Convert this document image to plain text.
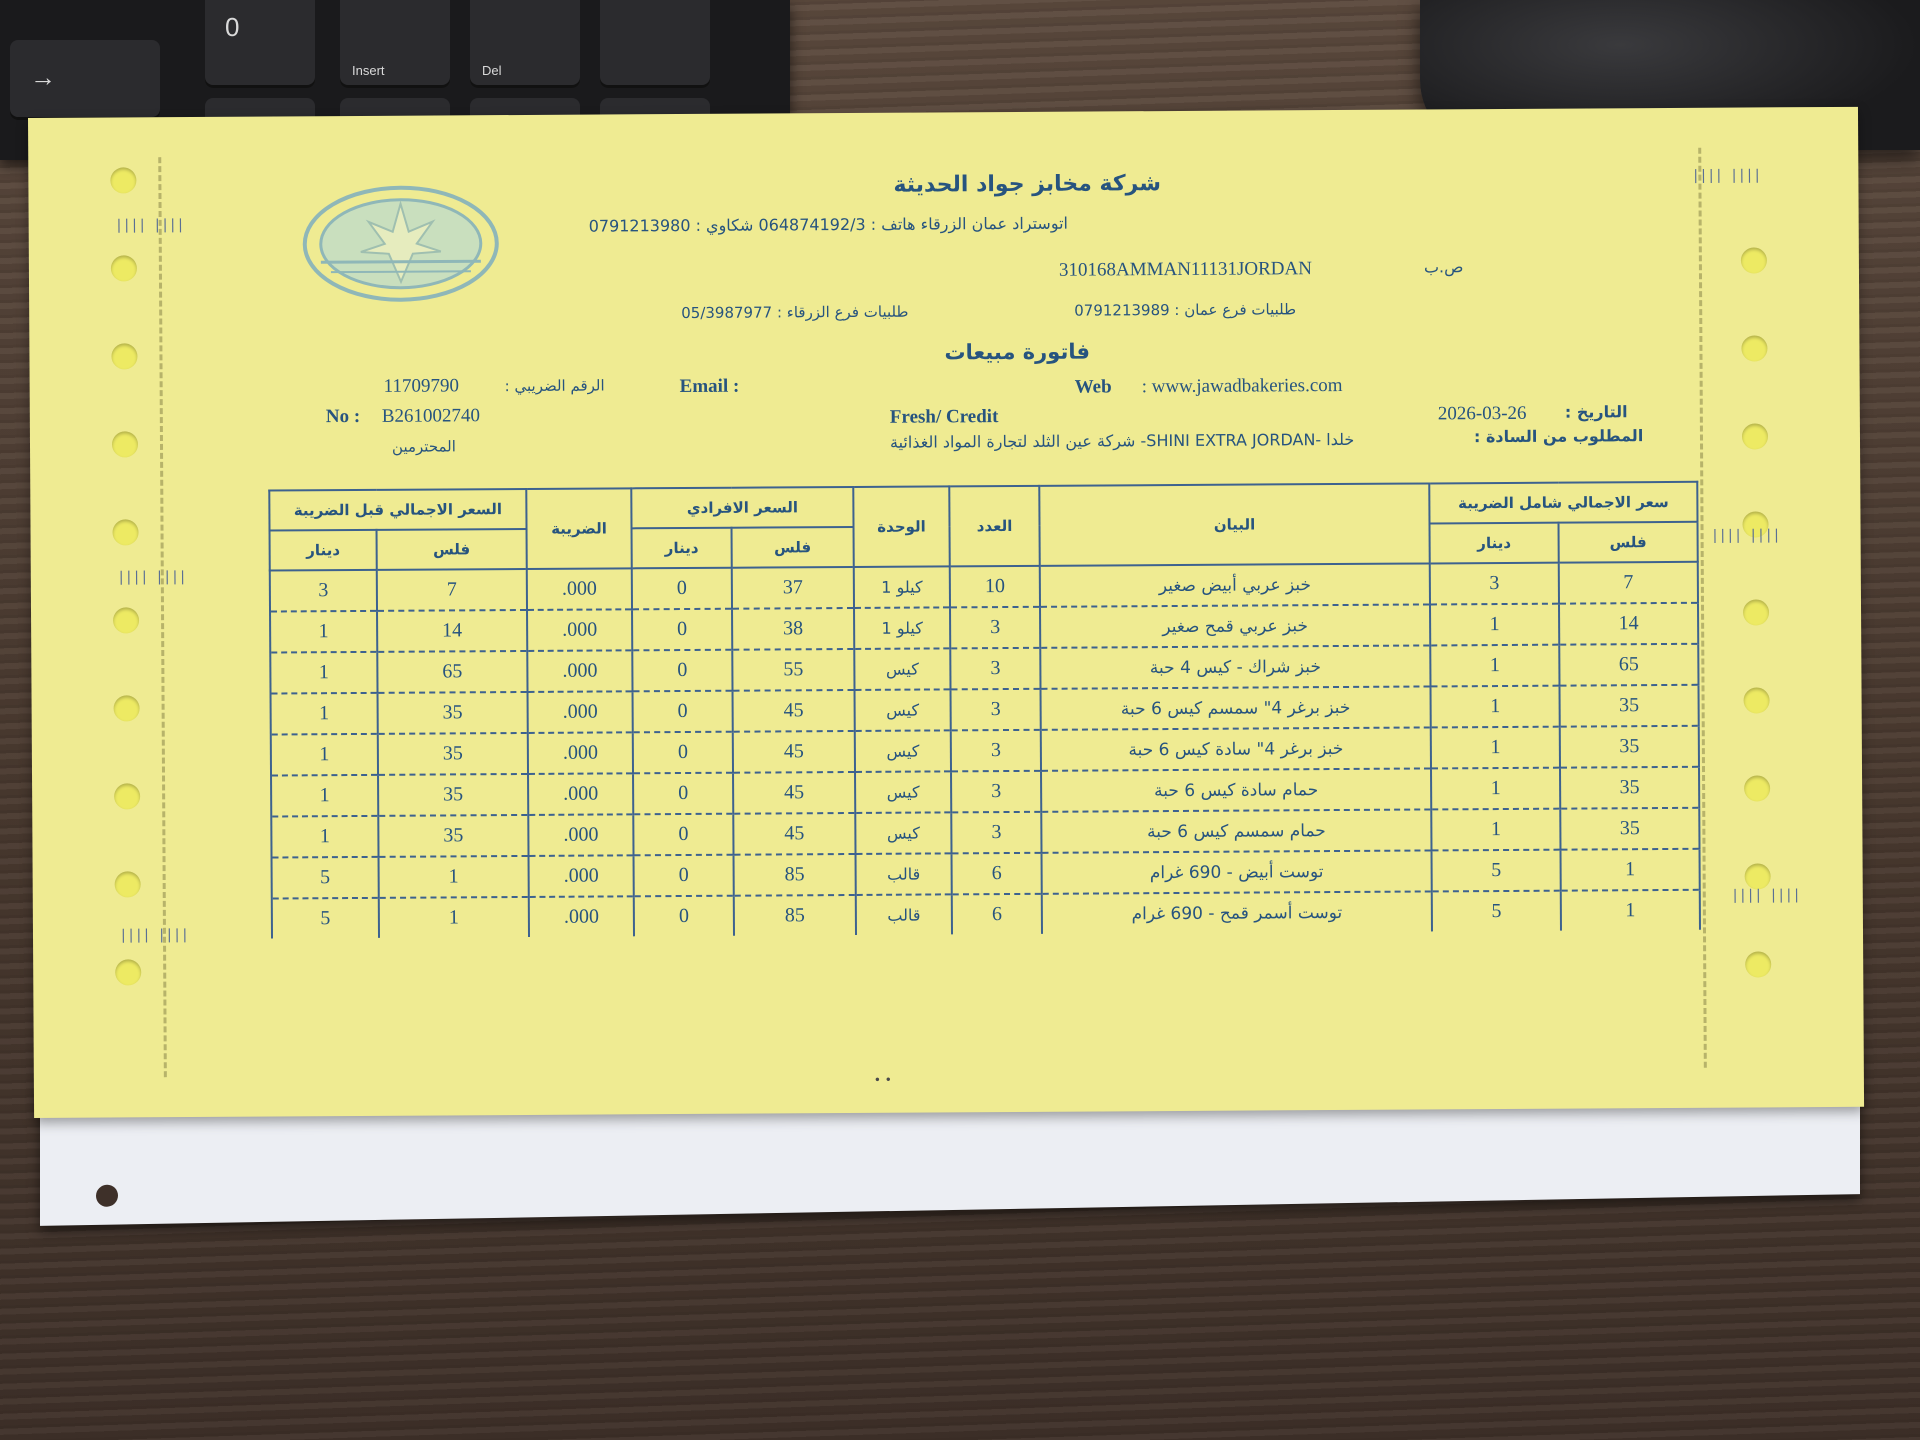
0
Insert	Del
→
|||| ||||
|||| ||||
|||| ||||
|||| ||||
|||| ||||
|||| ||||
شركة مخابز جواد الحديثة
اتوستراد عمان الزرقاء هاتف : 064874192/3 شكاوي : 0791213980
ص.ب
310168AMMAN11131JORDAN
طلبيات فرع عمان : 0791213989
طلبيات فرع الزرقاء : 05/3987977
فاتورة مبيعات
الرقم الضريبي :
11709790	Email :	Web : www.jawadbakeries.com
No : B261002740	Fresh/ Credit	التاريخ :
2026-03-26
المحترمين	خلدا -SHINI EXTRA JORDAN- شركة عين الثلد لتجارة المواد الغذائية	المطلوب من السادة :
السعر الاجمالي قبل الضريبة		الضريبة	السعر الافرادي		الوحدة	العدد	البيان	سعر الاجمالي شامل الضريبة	
دينار	فلس		دينار	فلس				دينار	فلس
3	7	.000	0	37	كيلو 1	10	خبز عربي أبيض صغير	3	7
1	14	.000	0	38	كيلو 1	3	خبز عربي قمح صغير	1	14
1	65	.000	0	55	كيس	3	خبز شراك - كيس 4 حبة	1	65
1	35	.000	0	45	كيس	3	خبز برغر 4" سمسم كيس 6 حبة	1	35
1	35	.000	0	45	كيس	3	خبز برغر 4" سادة كيس 6 حبة	1	35
1	35	.000	0	45	كيس	3	حمام سادة كيس 6 حبة	1	35
1	35	.000	0	45	كيس	3	حمام سمسم كيس 6 حبة	1	35
5	1	.000	0	85	قالب	6	توست أبيض - 690 غرام	5	1
5	1	.000	0	85	قالب	6	توست أسمر قمح - 690 غرام	5	1
• •
